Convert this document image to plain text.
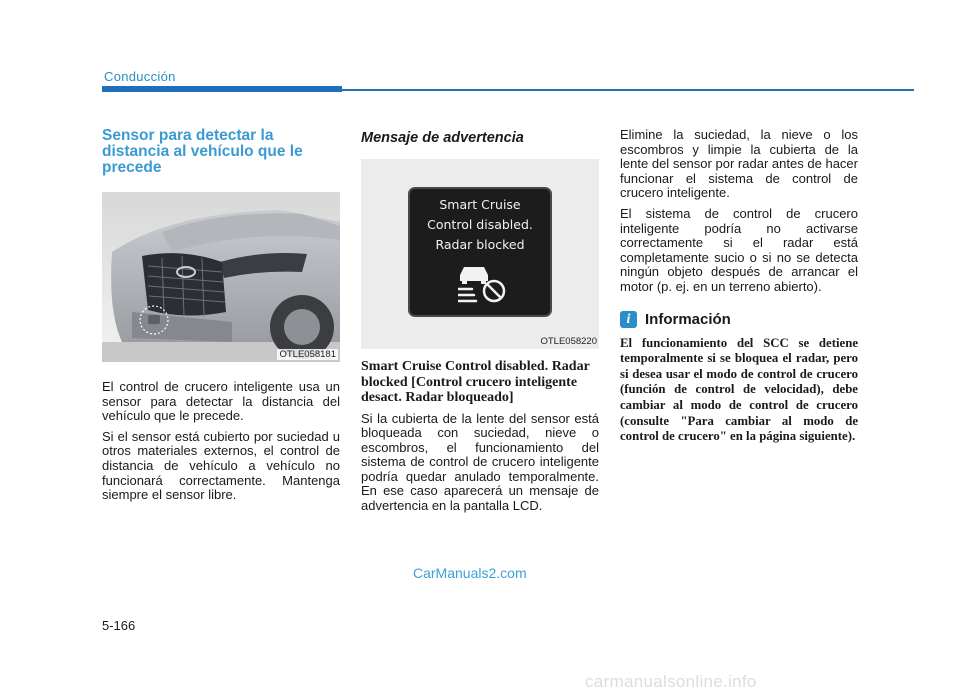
Conducción
Sensor para detectar la distancia al vehículo que le precede
OTLE058181
El control de crucero inteligente usa un sensor para detectar la distancia del vehículo que le precede.
Si el sensor está cubierto por suciedad u otros materiales externos, el control de distancia de vehículo a vehículo no funcionará correctamente. Mantenga siempre el sensor libre.
Mensaje de advertencia
Smart Cruise
Control disabled.
Radar blocked
OTLE058220
Smart Cruise Control disabled. Radar blocked [Control crucero inteligente desact. Radar bloqueado]
Si la cubierta de la lente del sensor está bloqueada con suciedad, nieve o escombros, el funcionamiento del sistema de control de crucero inteligente podría quedar anulado temporalmente. En ese caso aparecerá un mensaje de advertencia en la pantalla LCD.
Elimine la suciedad, la nieve o los escombros y limpie la cubierta de la lente del sensor por radar antes de hacer funcionar el sistema de control de crucero inteligente.
El sistema de control de crucero inteligente podría no activarse correctamente si el radar está completamente sucio o si no se detecta ningún objeto después de arrancar el motor (p. ej. en un terreno abierto).
i Información
El funcionamiento del SCC se detiene temporalmente si se bloquea el radar, pero si desea usar el modo de control de crucero (función de control de velocidad), debe cambiar al modo de control de crucero (consulte "Para cambiar al modo de control de crucero" en la página siguiente).
CarManuals2.com
5-166
carmanualsonline.info
